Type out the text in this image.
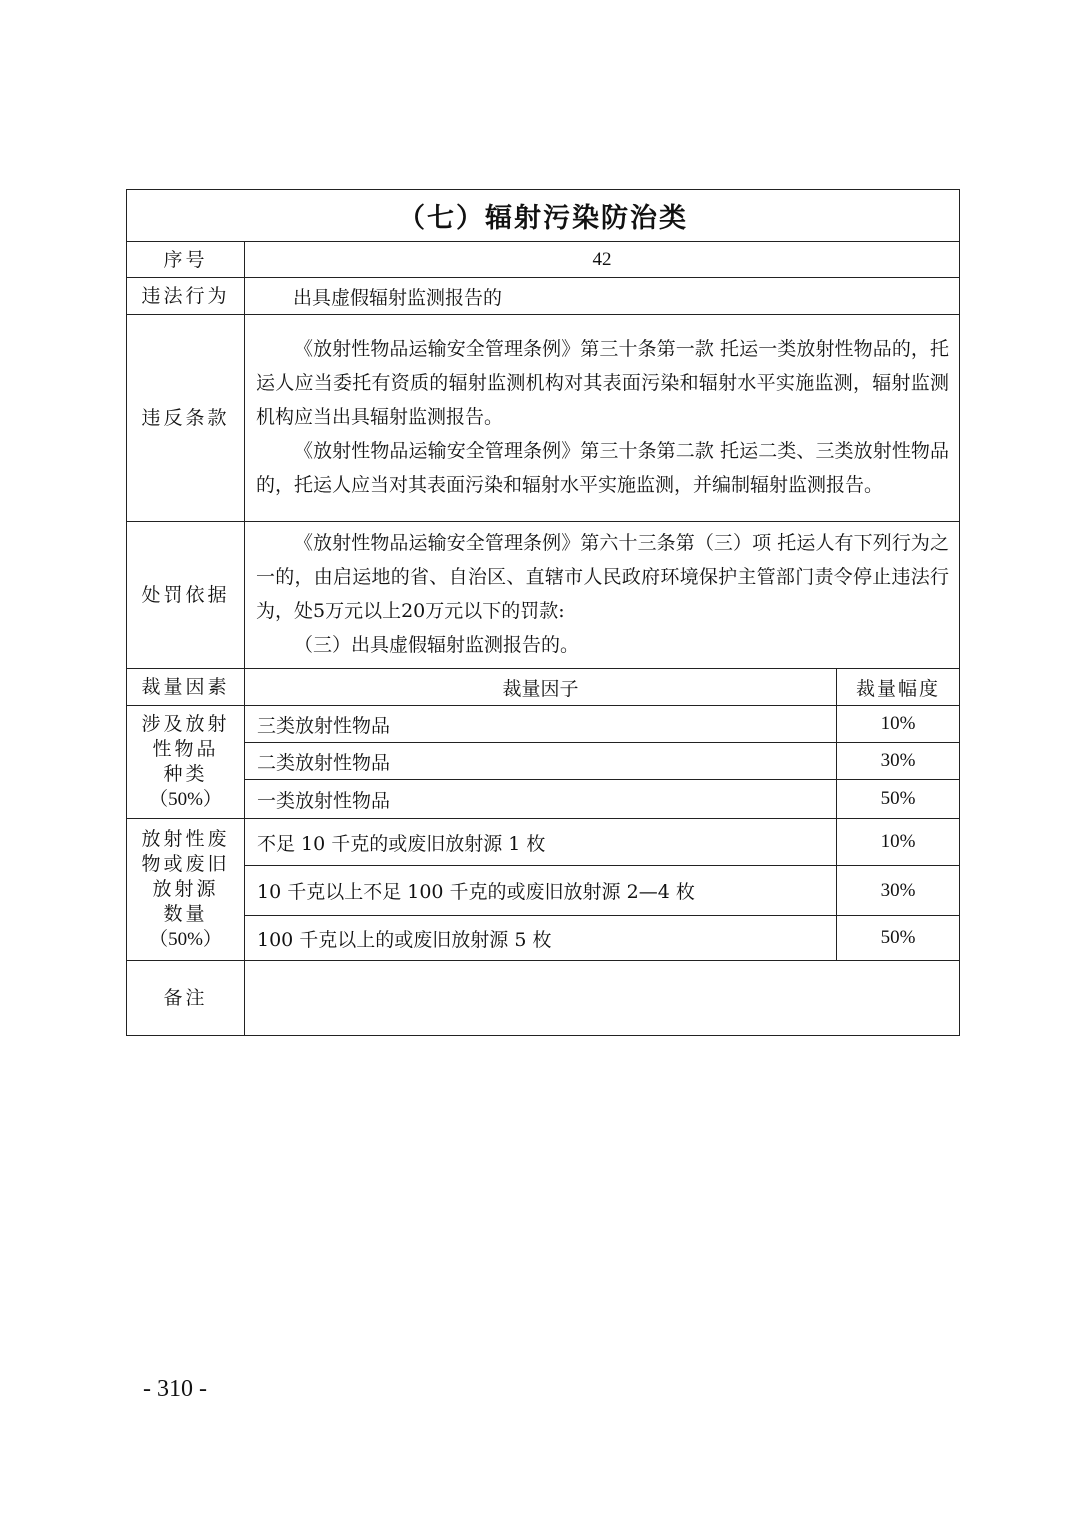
（七）辐射污染防治类		
序号	42	
违法行为	出具虚假辐射监测报告的	
违反条款	《放射性物品运输安全管理条例》第三十条第一款 托运一类放射性物品的，托运人应当委托有资质的辐射监测机构对其表面污染和辐射水平实施监测，辐射监测机构应当出具辐射监测报告。

《放射性物品运输安全管理条例》第三十条第二款 托运二类、三类放射性物品的，托运人应当对其表面污染和辐射水平实施监测，并编制辐射监测报告。	

处罚依据	《放射性物品运输安全管理条例》第六十三条第（三）项 托运人有下列行为之一的，由启运地的省、自治区、直辖市人民政府环境保护主管部门责令停止违法行为，处5万元以上20万元以下的罚款:

（三）出具虚假辐射监测报告的。	

裁量因素	裁量因子	裁量幅度

涉及放射
性物品
种类
（50%）	三类放射性物品	10%
	二类放射性物品	30%
	一类放射性物品	50%

放射性废
物或废旧
放射源
数量
（50%）	不足 10 千克的或废旧放射源 1 枚	10%
	10 千克以上不足 100 千克的或废旧放射源 2—4 枚	30%
	100 千克以上的或废旧放射源 5 枚	50%
备注		
- 310 -
